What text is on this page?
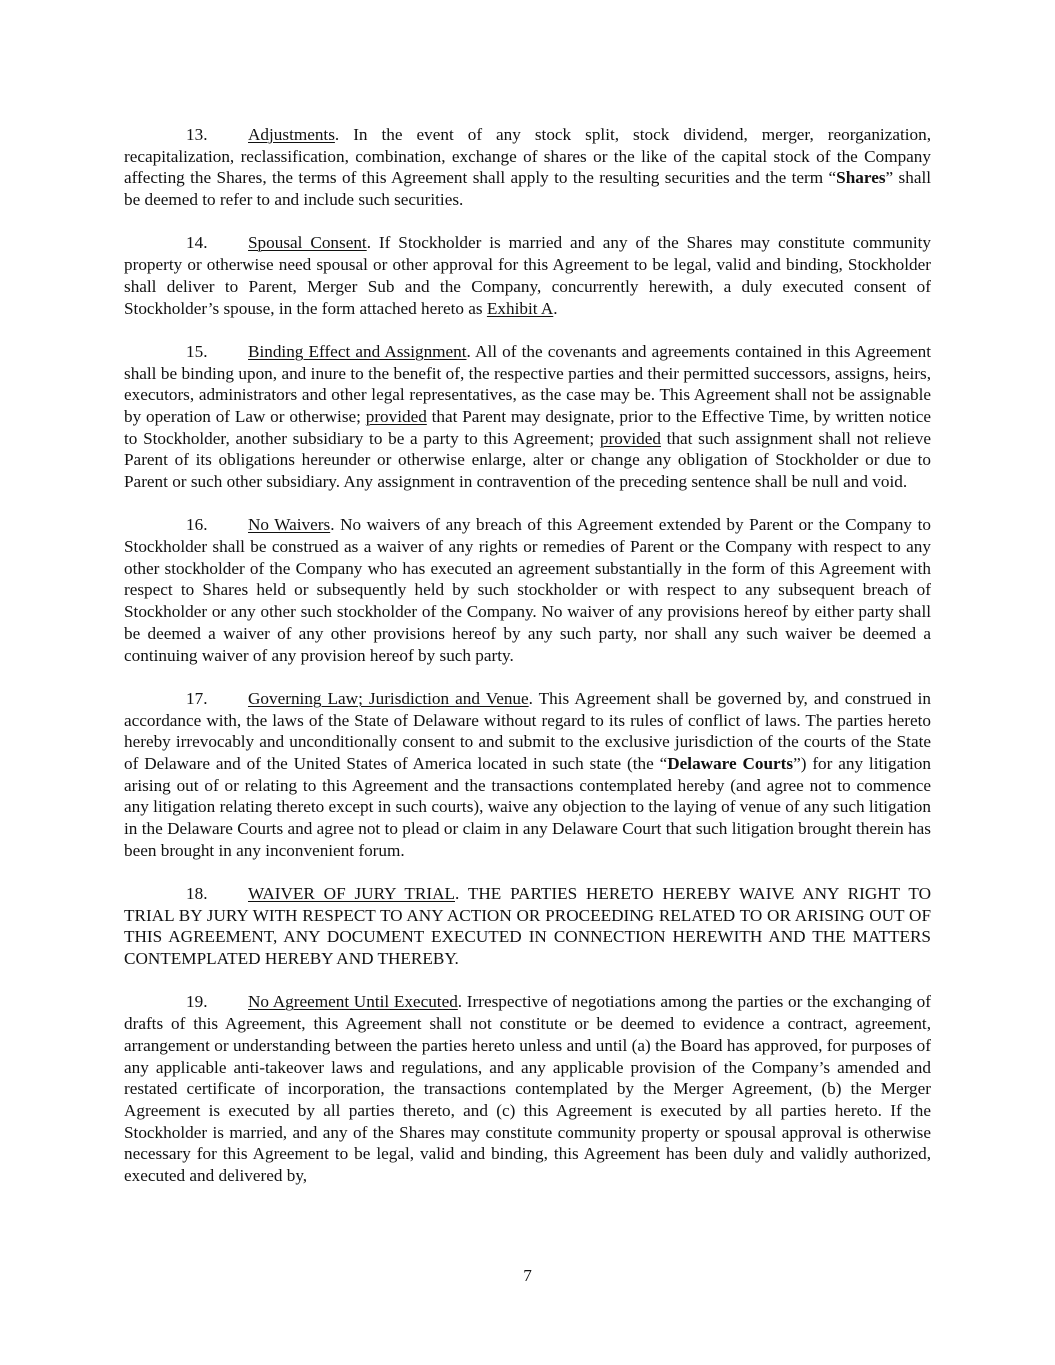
13. Adjustments. In the event of any stock split, stock dividend, merger, reorganization, recapitalization, reclassification, combination, exchange of shares or the like of the capital stock of the Company affecting the Shares, the terms of this Agreement shall apply to the resulting securities and the term “Shares” shall be deemed to refer to and include such securities.

14. Spousal Consent. If Stockholder is married and any of the Shares may constitute community property or otherwise need spousal or other approval for this Agreement to be legal, valid and binding, Stockholder shall deliver to Parent, Merger Sub and the Company, concurrently herewith, a duly executed consent of Stockholder’s spouse, in the form attached hereto as Exhibit A.

15. Binding Effect and Assignment. All of the covenants and agreements contained in this Agreement shall be binding upon, and inure to the benefit of, the respective parties and their permitted successors, assigns, heirs, executors, administrators and other legal representatives, as the case may be. This Agreement shall not be assignable by operation of Law or otherwise; provided that Parent may designate, prior to the Effective Time, by written notice to Stockholder, another subsidiary to be a party to this Agreement; provided that such assignment shall not relieve Parent of its obligations hereunder or otherwise enlarge, alter or change any obligation of Stockholder or due to Parent or such other subsidiary. Any assignment in contravention of the preceding sentence shall be null and void.

16. No Waivers. No waivers of any breach of this Agreement extended by Parent or the Company to Stockholder shall be construed as a waiver of any rights or remedies of Parent or the Company with respect to any other stockholder of the Company who has executed an agreement substantially in the form of this Agreement with respect to Shares held or subsequently held by such stockholder or with respect to any subsequent breach of Stockholder or any other such stockholder of the Company. No waiver of any provisions hereof by either party shall be deemed a waiver of any other provisions hereof by any such party, nor shall any such waiver be deemed a continuing waiver of any provision hereof by such party.

17. Governing Law; Jurisdiction and Venue. This Agreement shall be governed by, and construed in accordance with, the laws of the State of Delaware without regard to its rules of conflict of laws. The parties hereto hereby irrevocably and unconditionally consent to and submit to the exclusive jurisdiction of the courts of the State of Delaware and of the United States of America located in such state (the “Delaware Courts”) for any litigation arising out of or relating to this Agreement and the transactions contemplated hereby (and agree not to commence any litigation relating thereto except in such courts), waive any objection to the laying of venue of any such litigation in the Delaware Courts and agree not to plead or claim in any Delaware Court that such litigation brought therein has been brought in any inconvenient forum.

18. WAIVER OF JURY TRIAL. THE PARTIES HERETO HEREBY WAIVE ANY RIGHT TO TRIAL BY JURY WITH RESPECT TO ANY ACTION OR PROCEEDING RELATED TO OR ARISING OUT OF THIS AGREEMENT, ANY DOCUMENT EXECUTED IN CONNECTION HEREWITH AND THE MATTERS CONTEMPLATED HEREBY AND THEREBY.

19. No Agreement Until Executed. Irrespective of negotiations among the parties or the exchanging of drafts of this Agreement, this Agreement shall not constitute or be deemed to evidence a contract, agreement, arrangement or understanding between the parties hereto unless and until (a) the Board has approved, for purposes of any applicable anti-takeover laws and regulations, and any applicable provision of the Company’s amended and restated certificate of incorporation, the transactions contemplated by the Merger Agreement, (b) the Merger Agreement is executed by all parties thereto, and (c) this Agreement is executed by all parties hereto. If the Stockholder is married, and any of the Shares may constitute community property or spousal approval is otherwise necessary for this Agreement to be legal, valid and binding, this Agreement has been duly and validly authorized, executed and delivered by,

7
